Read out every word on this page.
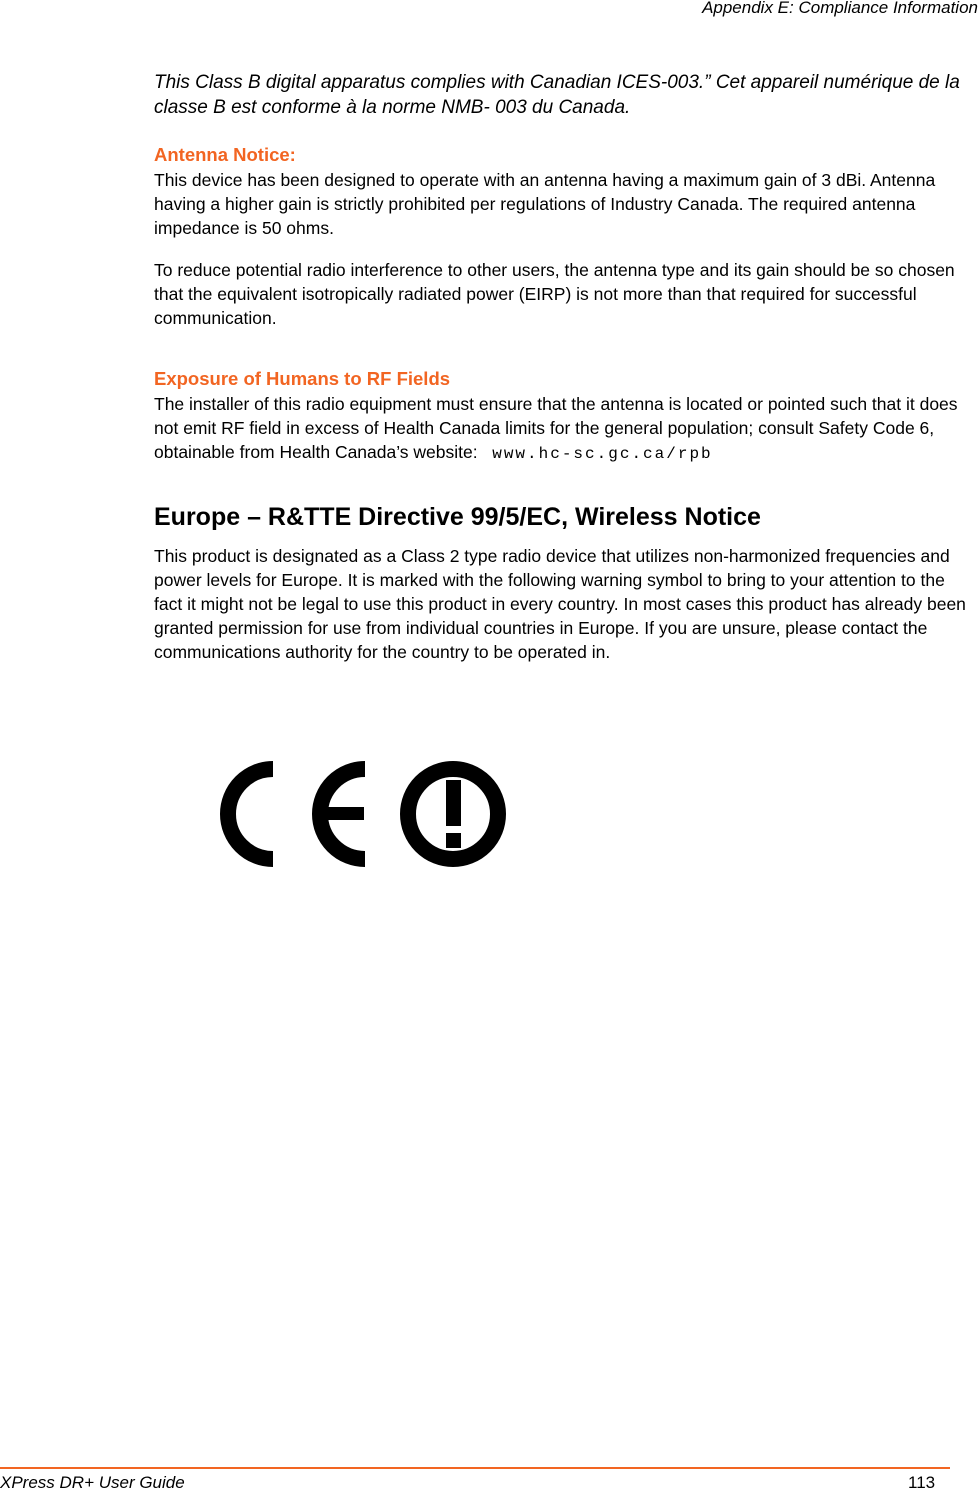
Appendix E: Compliance Information

This Class B digital apparatus complies with Canadian ICES-003.” Cet appareil numérique de la classe B est conforme à la norme NMB- 003 du Canada.

Antenna Notice:

This device has been designed to operate with an antenna having a maximum gain of 3 dBi. Antenna having a higher gain is strictly prohibited per regulations of Industry Canada. The required antenna impedance is 50 ohms.

To reduce potential radio interference to other users, the antenna type and its gain should be so chosen that the equivalent isotropically radiated power (EIRP) is not more than that required for successful communication.

Exposure of Humans to RF Fields

The installer of this radio equipment must ensure that the antenna is located or pointed such that it does not emit RF field in excess of Health Canada limits for the general population; consult Safety Code 6, obtainable from Health Canada’s website: www.hc-sc.gc.ca/rpb

Europe – R&TTE Directive 99/5/EC, Wireless Notice

This product is designated as a Class 2 type radio device that utilizes non-harmonized frequencies and power levels for Europe. It is marked with the following warning symbol to bring to your attention to the fact it might not be legal to use this product in every country. In most cases this product has already been granted permission for use from individual countries in Europe. If you are unsure, please contact the communications authority for the country to be operated in.

XPress DR+ User Guide	113
